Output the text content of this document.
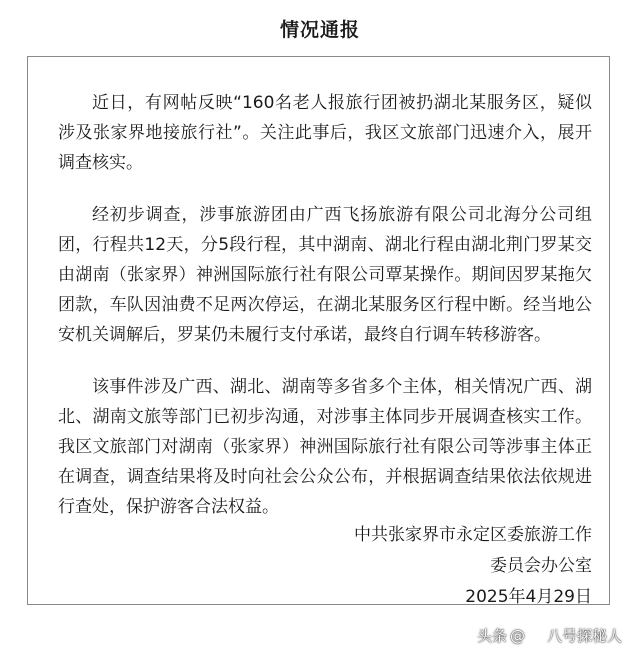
情况通报

近日，有网帖反映“160名老人报旅行团被扔湖北某服务区，疑似涉及张家界地接旅行社”。关注此事后，我区文旅部门迅速介入，展开调查核实。

经初步调查，涉事旅游团由广西飞扬旅游有限公司北海分公司组团，行程共12天，分5段行程，其中湖南、湖北行程由湖北荆门罗某交由湖南（张家界）神洲国际旅行社有限公司覃某操作。期间因罗某拖欠团款，车队因油费不足两次停运，在湖北某服务区行程中断。经当地公安机关调解后，罗某仍未履行支付承诺，最终自行调车转移游客。

该事件涉及广西、湖北、湖南等多省多个主体，相关情况广西、湖北、湖南文旅等部门已初步沟通，对涉事主体同步开展调查核实工作。我区文旅部门对湖南（张家界）神洲国际旅行社有限公司等涉事主体正在调查，调查结果将及时向社会公众公布，并根据调查结果依法依规进行查处，保护游客合法权益。

中共张家界市永定区委旅游工作
委员会办公室
2025年4月29日
头条 @ 八号探秘人
